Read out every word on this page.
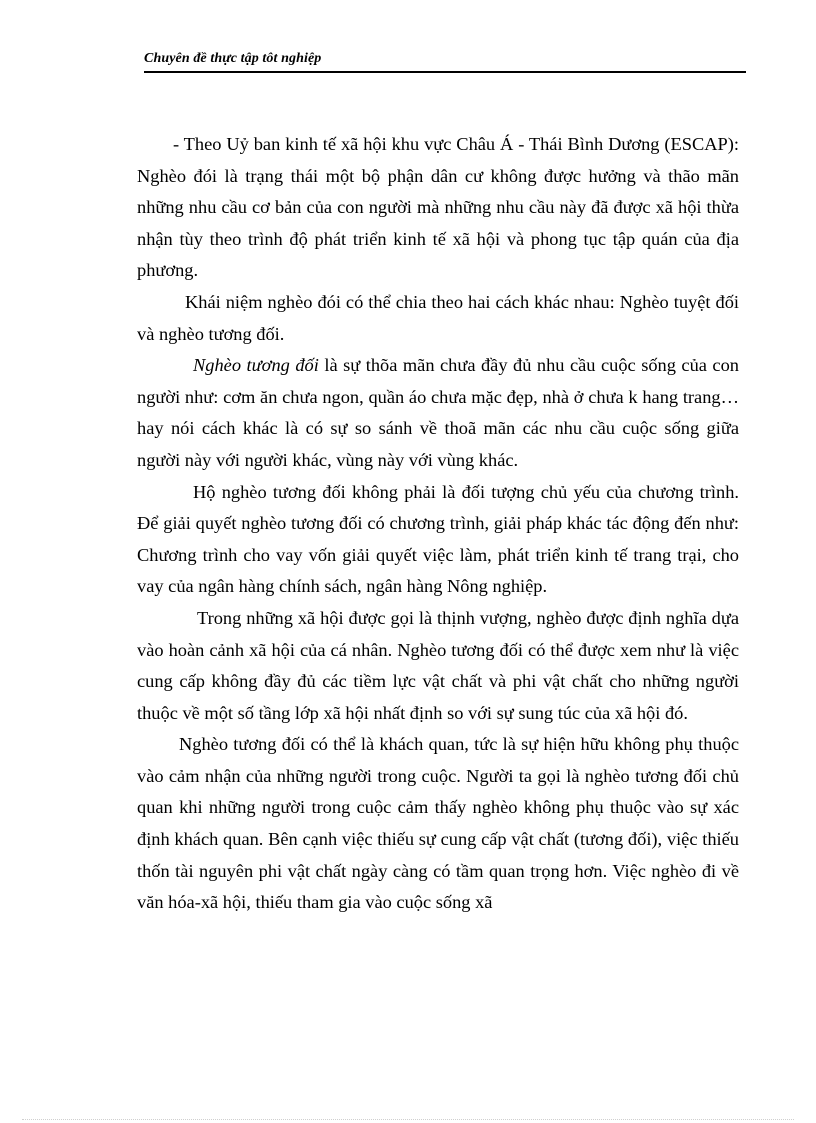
Chuyên đề thực tập tôt nghiệp

- Theo Uỷ ban kinh tế xã hội khu vực Châu Á - Thái Bình Dương (ESCAP): Nghèo đói là trạng thái một bộ phận dân cư không được hưởng và thão mãn những nhu cầu cơ bản của con người mà những nhu cầu này đã được xã hội thừa nhận tùy theo trình độ phát triển kinh tế xã hội và phong tục tập quán của địa phương.

Khái niệm nghèo đói có thể chia theo hai cách khác nhau: Nghèo tuyệt đối và nghèo tương đối.

Nghèo tương đối là sự thõa mãn chưa đầy đủ nhu cầu cuộc sống của con người như: cơm ăn chưa ngon, quần áo chưa mặc đẹp, nhà ở chưa k hang trang… hay nói cách khác là có sự so sánh về thoã mãn các nhu cầu cuộc sống giữa người này với người khác, vùng này với vùng khác.

Hộ nghèo tương đối không phải là đối tượng chủ yếu của chương trình. Để giải quyết nghèo tương đối có chương trình, giải pháp khác tác động đến như: Chương trình cho vay vốn giải quyết việc làm, phát triển kinh tế trang trại, cho vay của ngân hàng chính sách, ngân hàng Nông nghiệp.

Trong những xã hội được gọi là thịnh vượng, nghèo được định nghĩa dựa vào hoàn cảnh xã hội của cá nhân. Nghèo tương đối có thể được xem như là việc cung cấp không đầy đủ các tiềm lực vật chất và phi vật chất cho những người thuộc về một số tầng lớp xã hội nhất định so với sự sung túc của xã hội đó.

Nghèo tương đối có thể là khách quan, tức là sự hiện hữu không phụ thuộc vào cảm nhận của những người trong cuộc. Người ta gọi là nghèo tương đối chủ quan khi những người trong cuộc cảm thấy nghèo không phụ thuộc vào sự xác định khách quan. Bên cạnh việc thiếu sự cung cấp vật chất (tương đối), việc thiếu thốn tài nguyên phi vật chất ngày càng có tầm quan trọng hơn. Việc nghèo đi về văn hóa-xã hội, thiếu tham gia vào cuộc sống xã
